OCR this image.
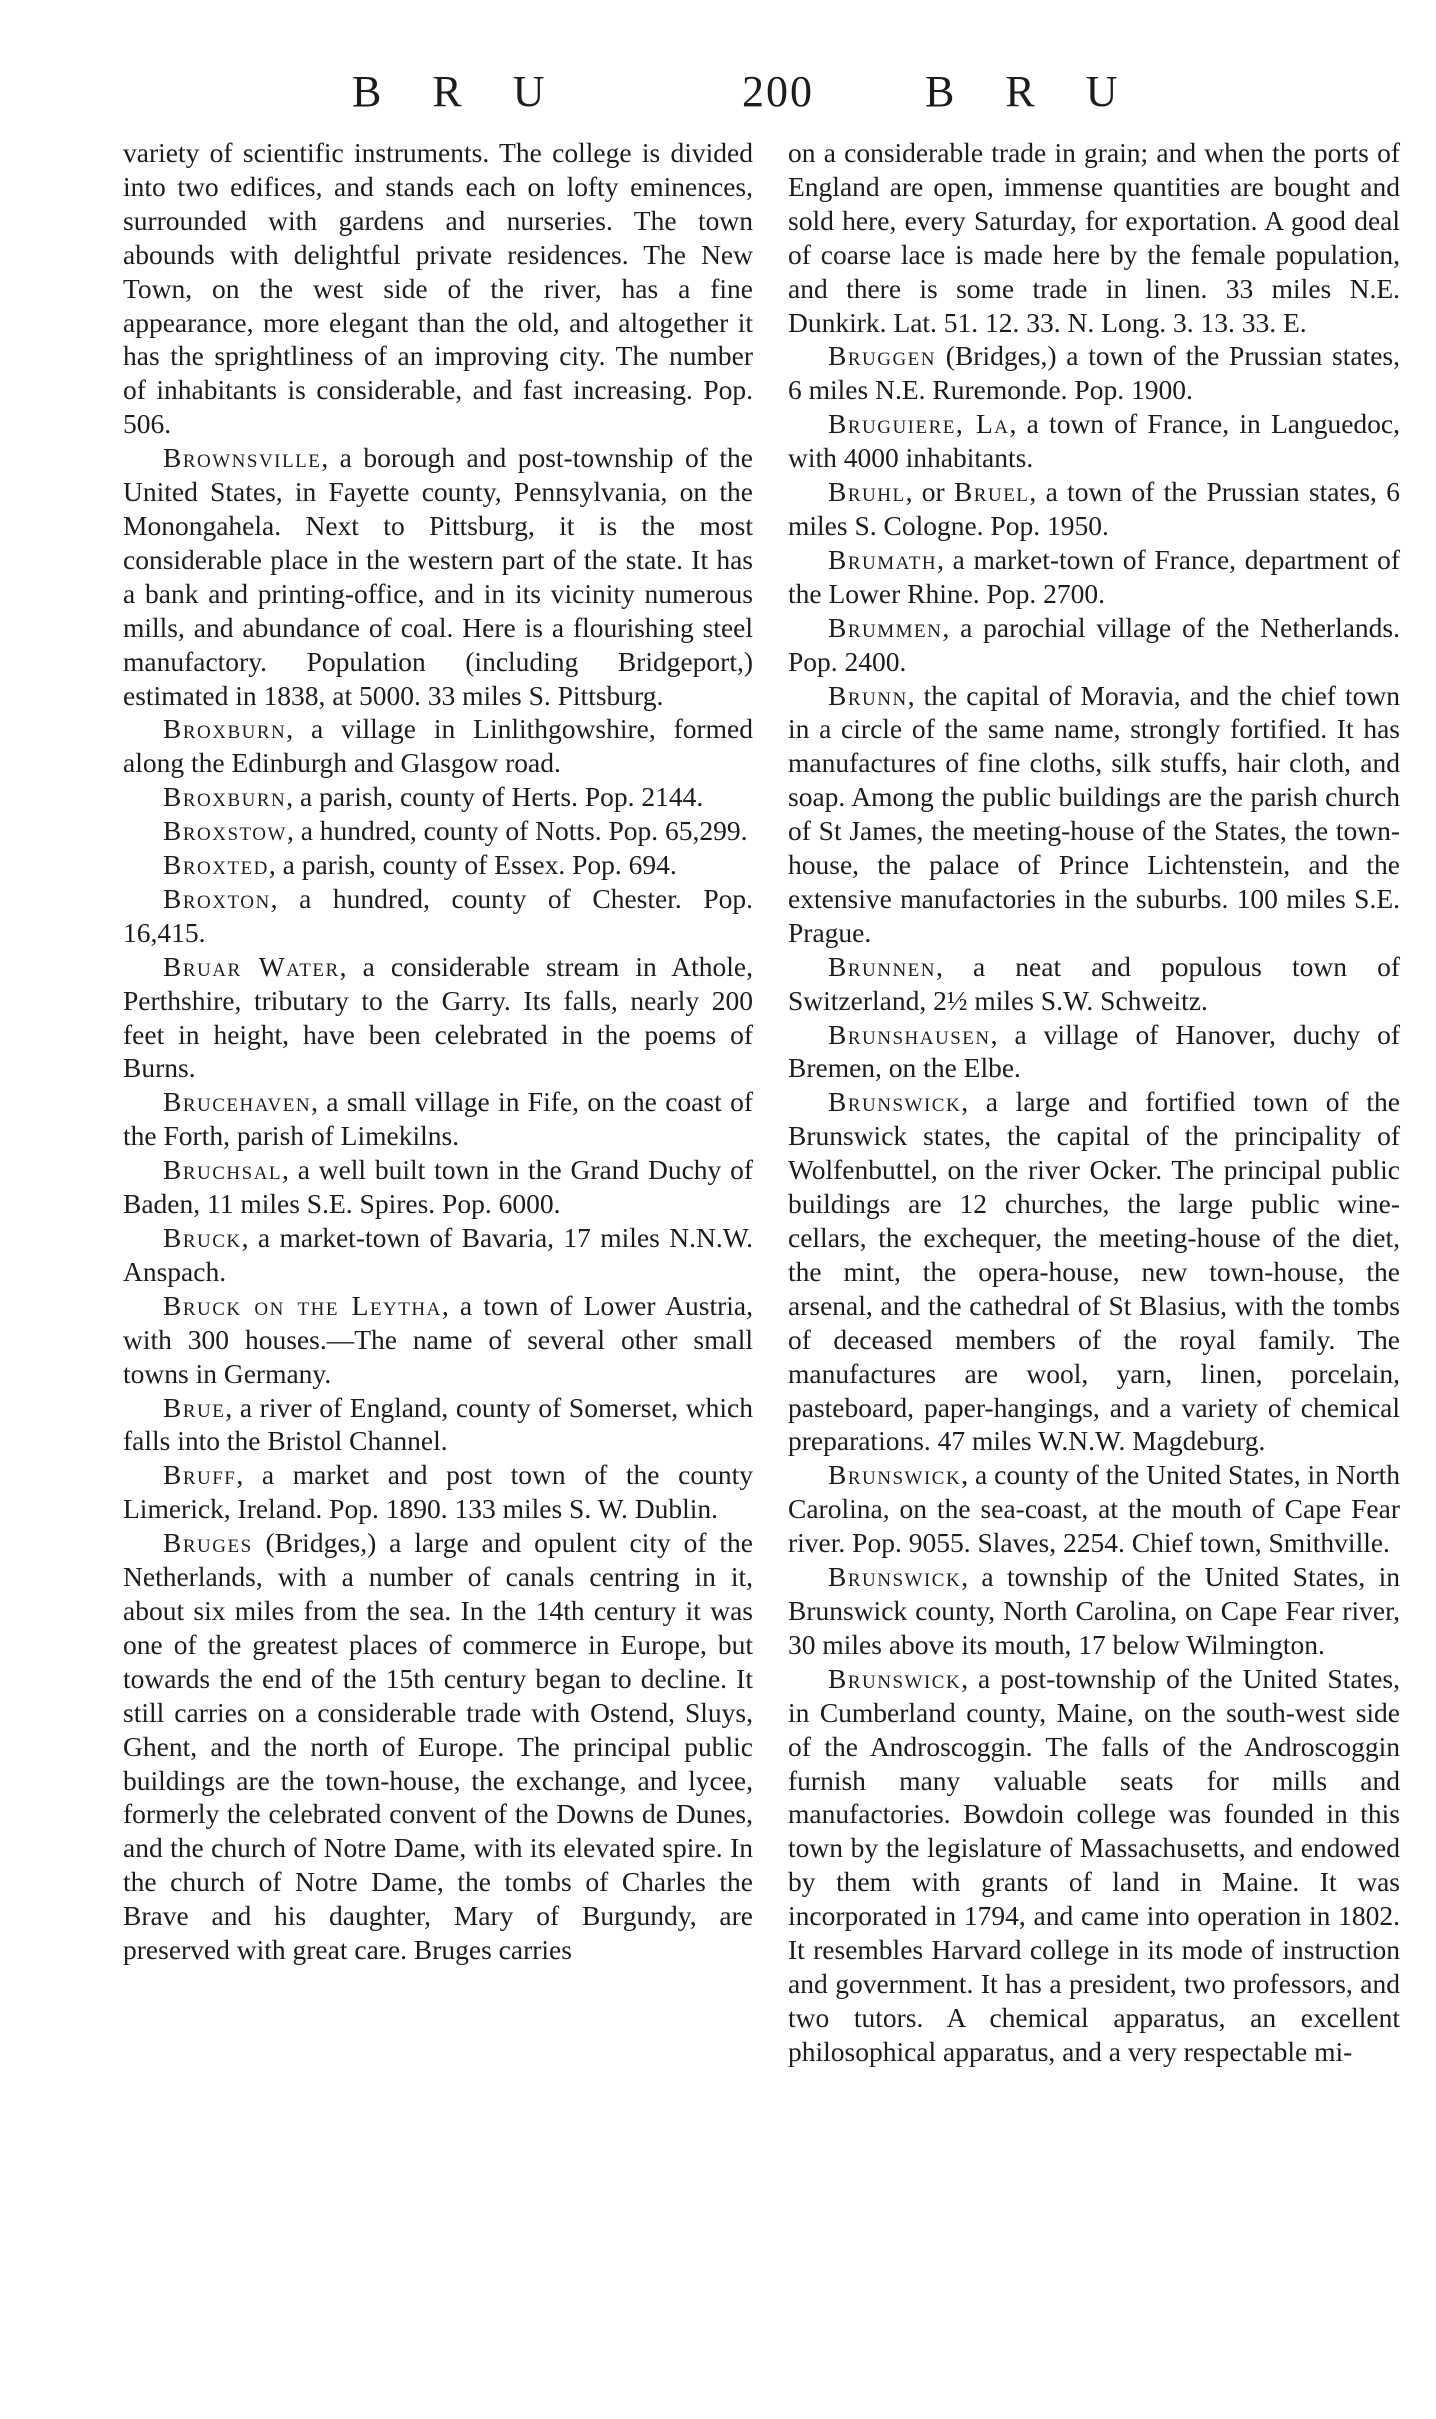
B R U	200	B R U

variety of scientific instruments. The college is divided into two edifices, and stands each on lofty eminences, surrounded with gardens and nurseries. The town abounds with delightful private residences. The New Town, on the west side of the river, has a fine appearance, more elegant than the old, and altogether it has the sprightliness of an improving city. The number of inhabitants is considerable, and fast increasing. Pop. 506.

Brownsville, a borough and post-township of the United States, in Fayette county, Pennsylvania, on the Monongahela. Next to Pittsburg, it is the most considerable place in the western part of the state. It has a bank and printing-office, and in its vicinity numerous mills, and abundance of coal. Here is a flourishing steel manufactory. Population (including Bridgeport,) estimated in 1838, at 5000. 33 miles S. Pittsburg.

Broxburn, a village in Linlithgowshire, formed along the Edinburgh and Glasgow road.

Broxburn, a parish, county of Herts. Pop. 2144.

Broxstow, a hundred, county of Notts. Pop. 65,299.

Broxted, a parish, county of Essex. Pop. 694.

Broxton, a hundred, county of Chester. Pop. 16,415.

Bruar Water, a considerable stream in Athole, Perthshire, tributary to the Garry. Its falls, nearly 200 feet in height, have been celebrated in the poems of Burns.

Brucehaven, a small village in Fife, on the coast of the Forth, parish of Limekilns.

Bruchsal, a well built town in the Grand Duchy of Baden, 11 miles S.E. Spires. Pop. 6000.

Bruck, a market-town of Bavaria, 17 miles N.N.W. Anspach.

Bruck on the Leytha, a town of Lower Austria, with 300 houses.—The name of several other small towns in Germany.

Brue, a river of England, county of Somerset, which falls into the Bristol Channel.

Bruff, a market and post town of the county Limerick, Ireland. Pop. 1890. 133 miles S. W. Dublin.

Bruges (Bridges,) a large and opulent city of the Netherlands, with a number of canals centring in it, about six miles from the sea. In the 14th century it was one of the greatest places of commerce in Europe, but towards the end of the 15th century began to decline. It still carries on a considerable trade with Ostend, Sluys, Ghent, and the north of Europe. The principal public buildings are the town-house, the exchange, and lycee, formerly the celebrated convent of the Downs de Dunes, and the church of Notre Dame, with its elevated spire. In the church of Notre Dame, the tombs of Charles the Brave and his daughter, Mary of Burgundy, are preserved with great care. Bruges carries

on a considerable trade in grain; and when the ports of England are open, immense quantities are bought and sold here, every Saturday, for exportation. A good deal of coarse lace is made here by the female population, and there is some trade in linen. 33 miles N.E. Dunkirk. Lat. 51. 12. 33. N. Long. 3. 13. 33. E.

Bruggen (Bridges,) a town of the Prussian states, 6 miles N.E. Ruremonde. Pop. 1900.

Bruguiere, La, a town of France, in Languedoc, with 4000 inhabitants.

Bruhl, or Bruel, a town of the Prussian states, 6 miles S. Cologne. Pop. 1950.

Brumath, a market-town of France, department of the Lower Rhine. Pop. 2700.

Brummen, a parochial village of the Netherlands. Pop. 2400.

Brunn, the capital of Moravia, and the chief town in a circle of the same name, strongly fortified. It has manufactures of fine cloths, silk stuffs, hair cloth, and soap. Among the public buildings are the parish church of St James, the meeting-house of the States, the town-house, the palace of Prince Lichtenstein, and the extensive manufactories in the suburbs. 100 miles S.E. Prague.

Brunnen, a neat and populous town of Switzerland, 2½ miles S.W. Schweitz.

Brunshausen, a village of Hanover, duchy of Bremen, on the Elbe.

Brunswick, a large and fortified town of the Brunswick states, the capital of the principality of Wolfenbuttel, on the river Ocker. The principal public buildings are 12 churches, the large public wine-cellars, the exchequer, the meeting-house of the diet, the mint, the opera-house, new town-house, the arsenal, and the cathedral of St Blasius, with the tombs of deceased members of the royal family. The manufactures are wool, yarn, linen, porcelain, pasteboard, paper-hangings, and a variety of chemical preparations. 47 miles W.N.W. Magdeburg.

Brunswick, a county of the United States, in North Carolina, on the sea-coast, at the mouth of Cape Fear river. Pop. 9055. Slaves, 2254. Chief town, Smithville.

Brunswick, a township of the United States, in Brunswick county, North Carolina, on Cape Fear river, 30 miles above its mouth, 17 below Wilmington.

Brunswick, a post-township of the United States, in Cumberland county, Maine, on the south-west side of the Androscoggin. The falls of the Androscoggin furnish many valuable seats for mills and manufactories. Bowdoin college was founded in this town by the legislature of Massachusetts, and endowed by them with grants of land in Maine. It was incorporated in 1794, and came into operation in 1802. It resembles Harvard college in its mode of instruction and government. It has a president, two professors, and two tutors. A chemical apparatus, an excellent philosophical apparatus, and a very respectable mi-
